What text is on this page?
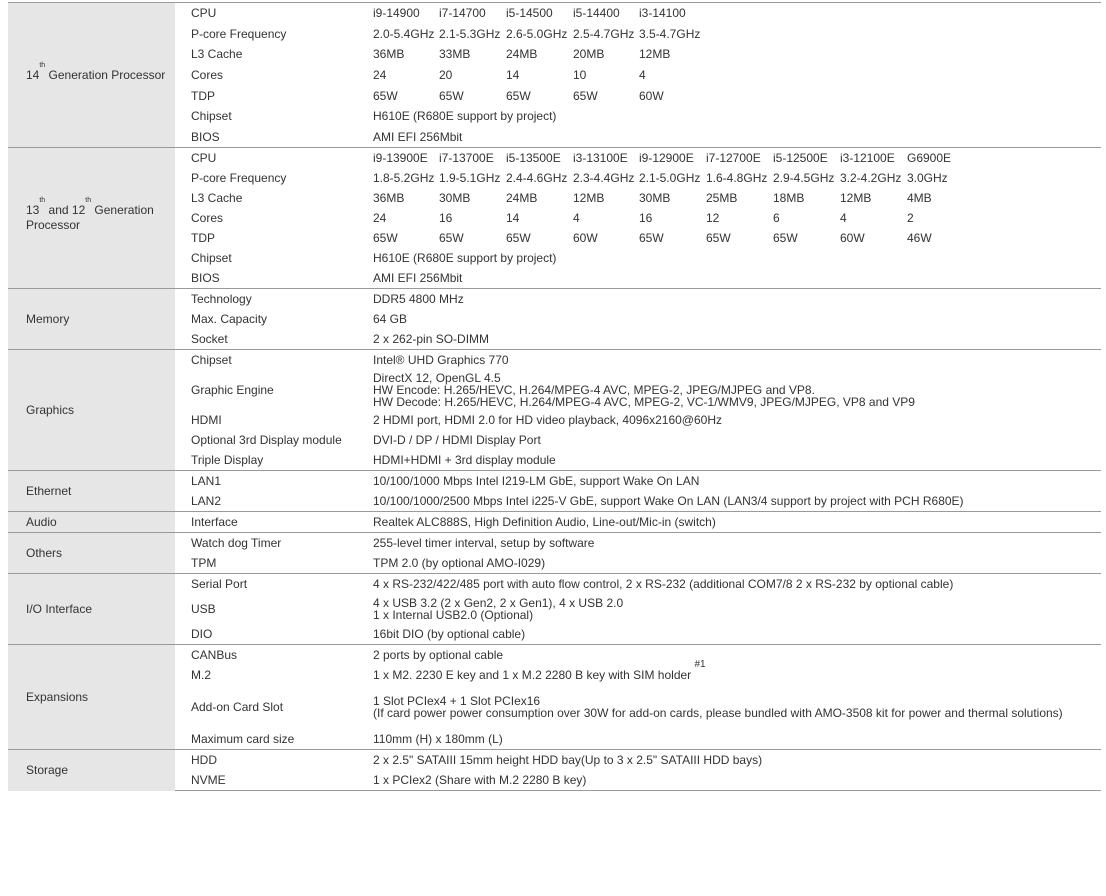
14th Generation Processor	CPU	i9-14900	i7-14700	i5-14500	i5-14400	i3-14100				
	P-core Frequency	2.0-5.4GHz	2.1-5.3GHz	2.6-5.0GHz	2.5-4.7GHz	3.5-4.7GHz				
	L3 Cache	36MB	33MB	24MB	20MB	12MB				
	Cores	24	20	14	10	4				
	TDP	65W	65W	65W	65W	60W				
	Chipset	H610E (R680E support by project)								
	BIOS	AMI EFI 256Mbit								
13th and 12th Generation Processor	CPU	i9-13900E	i7-13700E	i5-13500E	i3-13100E	i9-12900E	i7-12700E	i5-12500E	i3-12100E	G6900E
	P-core Frequency	1.8-5.2GHz	1.9-5.1GHz	2.4-4.6GHz	2.3-4.4GHz	2.1-5.0GHz	1.6-4.8GHz	2.9-4.5GHz	3.2-4.2GHz	3.0GHz
	L3 Cache	36MB	30MB	24MB	12MB	30MB	25MB	18MB	12MB	4MB
	Cores	24	16	14	4	16	12	6	4	2
	TDP	65W	65W	65W	60W	65W	65W	65W	60W	46W
	Chipset	H610E (R680E support by project)								
	BIOS	AMI EFI 256Mbit								
Memory	Technology	DDR5 4800 MHz								
	Max. Capacity	64 GB								
	Socket	2 x 262-pin SO-DIMM								
Graphics	Chipset	Intel® UHD Graphics 770								
	Graphic Engine	DirectX 12, OpenGL 4.5
HW Encode: H.265/HEVC, H.264/MPEG-4 AVC, MPEG-2, JPEG/MJPEG and VP8.
HW Decode: H.265/HEVC, H.264/MPEG-4 AVC, MPEG-2, VC-1/WMV9, JPEG/MJPEG, VP8 and VP9								
	HDMI	2 HDMI port, HDMI 2.0 for HD video playback, 4096x2160@60Hz								
	Optional 3rd Display module	DVI-D / DP / HDMI Display Port								
	Triple Display	HDMI+HDMI + 3rd display module								
Ethernet	LAN1	10/100/1000 Mbps Intel I219-LM GbE, support Wake On LAN								
	LAN2	10/100/1000/2500 Mbps Intel i225-V GbE, support Wake On LAN (LAN3/4 support by project with PCH R680E)								
Audio	Interface	Realtek ALC888S, High Definition Audio, Line-out/Mic-in (switch)								
Others	Watch dog Timer	255-level timer interval, setup by software								
	TPM	TPM 2.0 (by optional AMO-I029)								
I/O Interface	Serial Port	4 x RS-232/422/485 port with auto flow control, 2 x RS-232 (additional COM7/8 2 x RS-232 by optional cable)								
	USB	4 x USB 3.2 (2 x Gen2, 2 x Gen1), 4 x USB 2.0
1 x Internal USB2.0 (Optional)								
	DIO	16bit DIO (by optional cable)								
Expansions	CANBus	2 ports by optional cable								
	M.2	1 x M2. 2230 E key and 1 x M.2 2280 B key with SIM holder $^{\#1}$
	Add-on Card Slot	1 Slot PCIex4 + 1 Slot PCIex16
(If card power power consumption over 30W for add-on cards, please bundled with AMO-3508 kit for power and thermal solutions)								
	Maximum card size	110mm (H) x 180mm (L)								
Storage	HDD	2 x 2.5" SATAIII 15mm height HDD bay(Up to 3 x 2.5" SATAIII HDD bays)								
	NVME	1 x PCIex2 (Share with M.2 2280 B key)								
